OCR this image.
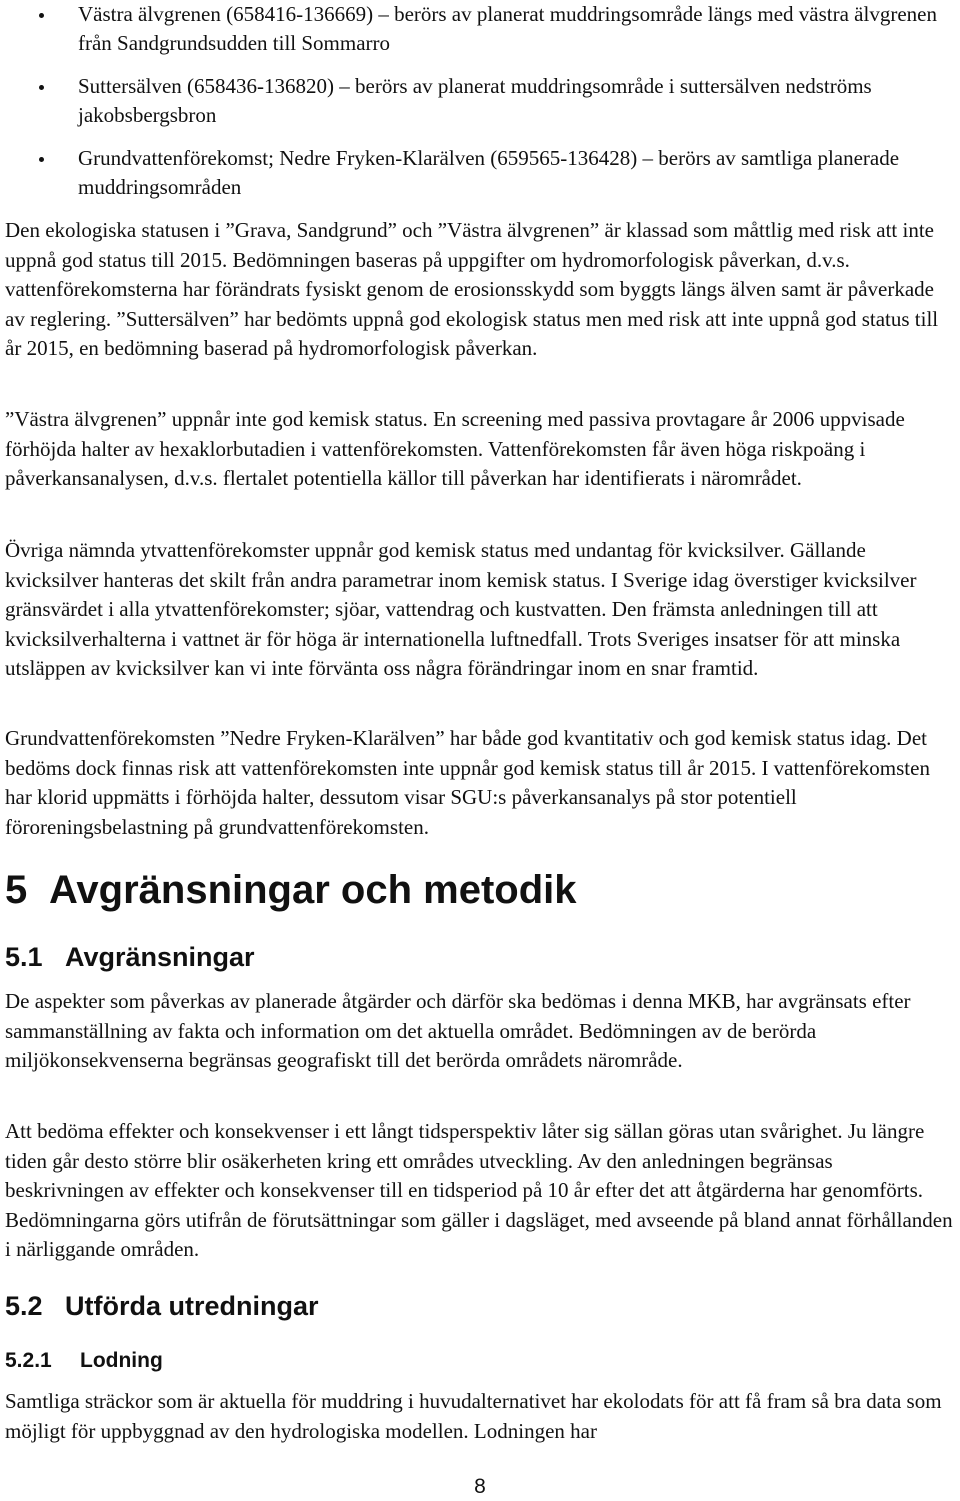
Västra älvgrenen (658416-136669) – berörs av planerat muddringsområde längs med västra älvgrenen från Sandgrundsudden till Sommarro
Suttersälven (658436-136820) – berörs av planerat muddringsområde i suttersälven nedströms jakobsbergsbron
Grundvattenförekomst; Nedre Fryken-Klarälven (659565-136428) – berörs av samtliga planerade muddringsområden

Den ekologiska statusen i ”Grava, Sandgrund” och ”Västra älvgrenen” är klassad som måttlig med risk att inte uppnå god status till 2015. Bedömningen baseras på uppgifter om hydromorfologisk påverkan, d.v.s. vattenförekomsterna har förändrats fysiskt genom de erosionsskydd som byggts längs älven samt är påverkade av reglering. ”Suttersälven” har bedömts uppnå god ekologisk status men med risk att inte uppnå god status till år 2015, en bedömning baserad på hydromorfologisk påverkan.

”Västra älvgrenen” uppnår inte god kemisk status. En screening med passiva provtagare år 2006 uppvisade förhöjda halter av hexaklorbutadien i vattenförekomsten. Vattenförekomsten får även höga riskpoäng i påverkansanalysen, d.v.s. flertalet potentiella källor till påverkan har identifierats i närområdet.

Övriga nämnda ytvattenförekomster uppnår god kemisk status med undantag för kvicksilver. Gällande kvicksilver hanteras det skilt från andra parametrar inom kemisk status. I Sverige idag överstiger kvicksilver gränsvärdet i alla ytvattenförekomster; sjöar, vattendrag och kustvatten. Den främsta anledningen till att kvicksilverhalterna i vattnet är för höga är internationella luftnedfall. Trots Sveriges insatser för att minska utsläppen av kvicksilver kan vi inte förvänta oss några förändringar inom en snar framtid.

Grundvattenförekomsten ”Nedre Fryken-Klarälven” har både god kvantitativ och god kemisk status idag. Det bedöms dock finnas risk att vattenförekomsten inte uppnår god kemisk status till år 2015. I vattenförekomsten har klorid uppmätts i förhöjda halter, dessutom visar SGU:s påverkansanalys på stor potentiell föroreningsbelastning på grundvattenförekomsten.

5 Avgränsningar och metodik
5.1 Avgränsningar

De aspekter som påverkas av planerade åtgärder och därför ska bedömas i denna MKB, har avgränsats efter sammanställning av fakta och information om det aktuella området. Bedömningen av de berörda miljökonsekvenserna begränsas geografiskt till det berörda områdets närområde.

Att bedöma effekter och konsekvenser i ett långt tidsperspektiv låter sig sällan göras utan svårighet. Ju längre tiden går desto större blir osäkerheten kring ett områdes utveckling. Av den anledningen begränsas beskrivningen av effekter och konsekvenser till en tidsperiod på 10 år efter det att åtgärderna har genomförts. Bedömningarna görs utifrån de förutsättningar som gäller i dagsläget, med avseende på bland annat förhållanden i närliggande områden.

5.2 Utförda utredningar
5.2.1 Lodning

Samtliga sträckor som är aktuella för muddring i huvudalternativet har ekolodats för att få fram så bra data som möjligt för uppbyggnad av den hydrologiska modellen. Lodningen har

8
